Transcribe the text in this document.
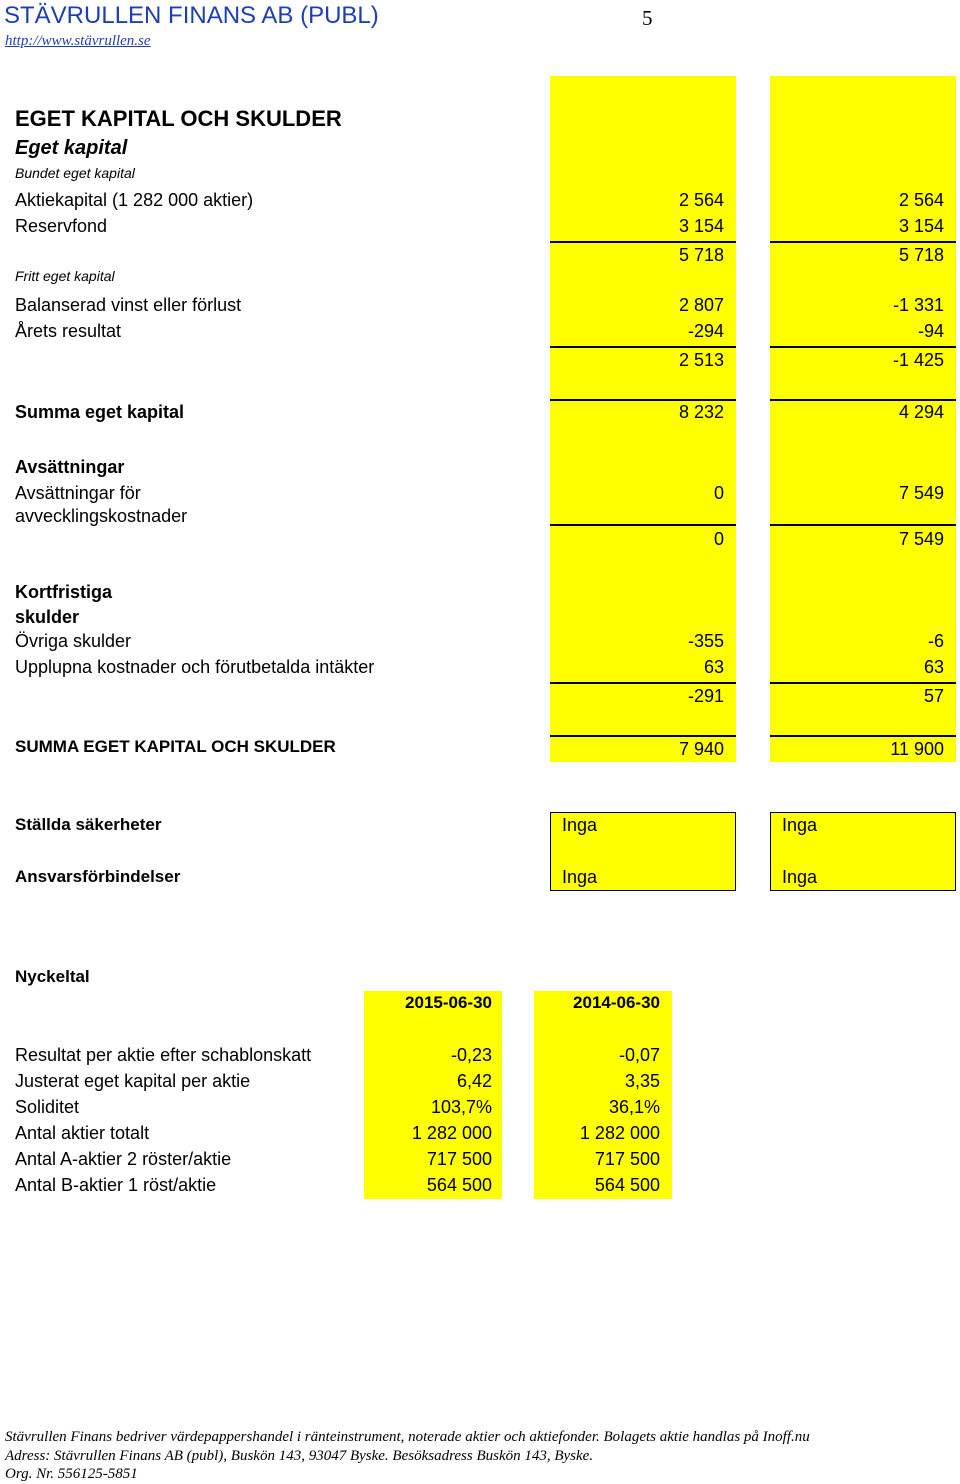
STÄVRULLEN FINANS AB (PUBL)	5
http://www.stävrullen.se
EGET KAPITAL OCH SKULDER
Eget kapital
Bundet eget kapital
Aktiekapital (1 282 000 aktier)	2 564	2 564
Reservfond	3 154	3 154
5 718	5 718
Fritt eget kapital
Balanserad vinst eller förlust	2 807	-1 331
Årets resultat	-294	-94
2 513	-1 425
Summa eget kapital	8 232	4 294
Avsättningar
Avsättningar för
avvecklingskostnader
0	7 549
0	7 549
Kortfristiga
skulder
Övriga skulder	-355	-6
Upplupna kostnader och förutbetalda intäkter	63	63
-291	57
SUMMA EGET KAPITAL OCH SKULDER	7 940	11 900
Ställda säkerheter	Inga	Inga
Ansvarsförbindelser	Inga	Inga
Nyckeltal
2015-06-30	2014-06-30
Resultat per aktie efter schablonskatt	-0,23	-0,07
Justerat eget kapital per aktie	6,42	3,35
Soliditet	103,7%	36,1%
Antal aktier totalt	1 282 000	1 282 000
Antal A-aktier 2 röster/aktie	717 500	717 500
Antal B-aktier 1 röst/aktie	564 500	564 500
Stävrullen Finans bedriver värdepappershandel i ränteinstrument, noterade aktier och aktiefonder. Bolagets aktie handlas på Inoff.nu
Adress: Stävrullen Finans AB (publ), Buskön 143, 93047 Byske. Besöksadress Buskön 143, Byske.
Org. Nr. 556125-5851
